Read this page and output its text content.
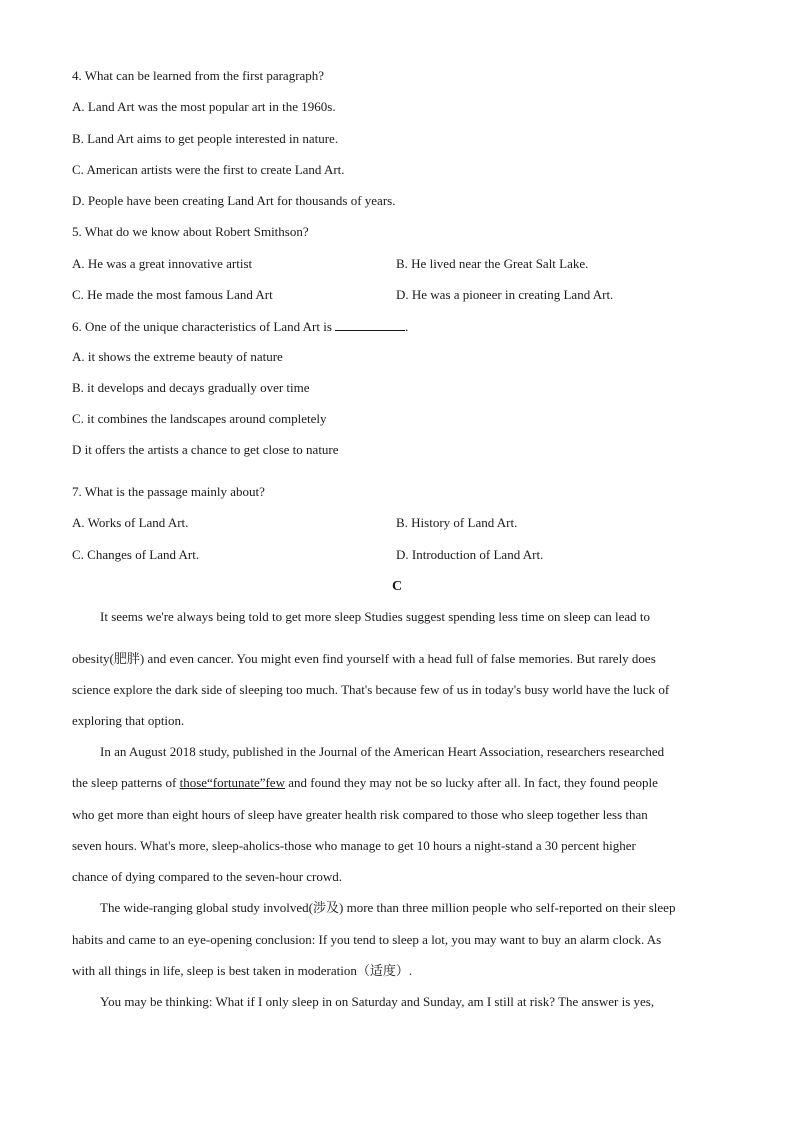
4. What can be learned from the first paragraph?
A. Land Art was the most popular art in the 1960s.
B. Land Art aims to get people interested in nature.
C. American artists were the first to create Land Art.
D. People have been creating Land Art for thousands of years.
5. What do we know about Robert Smithson?
A. He was a great innovative artist	B. He lived near the Great Salt Lake.
C. He made the most famous Land Art	D. He was a pioneer in creating Land Art.
6. One of the unique characteristics of Land Art is	.
A. it shows the extreme beauty of nature
B. it develops and decays gradually over time
C. it combines the landscapes around completely
D it offers the artists a chance to get close to nature
7. What is the passage mainly about?
A. Works of Land Art.	B. History of Land Art.
C. Changes of Land Art.	D. Introduction of Land Art.
C
It seems we're always being told to get more sleep Studies suggest spending less time on sleep can lead to
obesity(肥胖) and even cancer. You might even find yourself with a head full of false memories. But rarely does
science explore the dark side of sleeping too much. That's because few of us in today's busy world have the luck of
exploring that option.
In an August 2018 study, published in the Journal of the American Heart Association, researchers researched
the sleep patterns of those“fortunate”few and found they may not be so lucky after all. In fact, they found people
who get more than eight hours of sleep have greater health risk compared to those who sleep together less than
seven hours. What's more, sleep-aholics-those who manage to get 10 hours a night-stand a 30 percent higher
chance of dying compared to the seven-hour crowd.
The wide-ranging global study involved(涉及) more than three million people who self-reported on their sleep
habits and came to an eye-opening conclusion: If you tend to sleep a lot, you may want to buy an alarm clock. As
with all things in life, sleep is best taken in moderation（适度）.
You may be thinking: What if I only sleep in on Saturday and Sunday, am I still at risk? The answer is yes,
